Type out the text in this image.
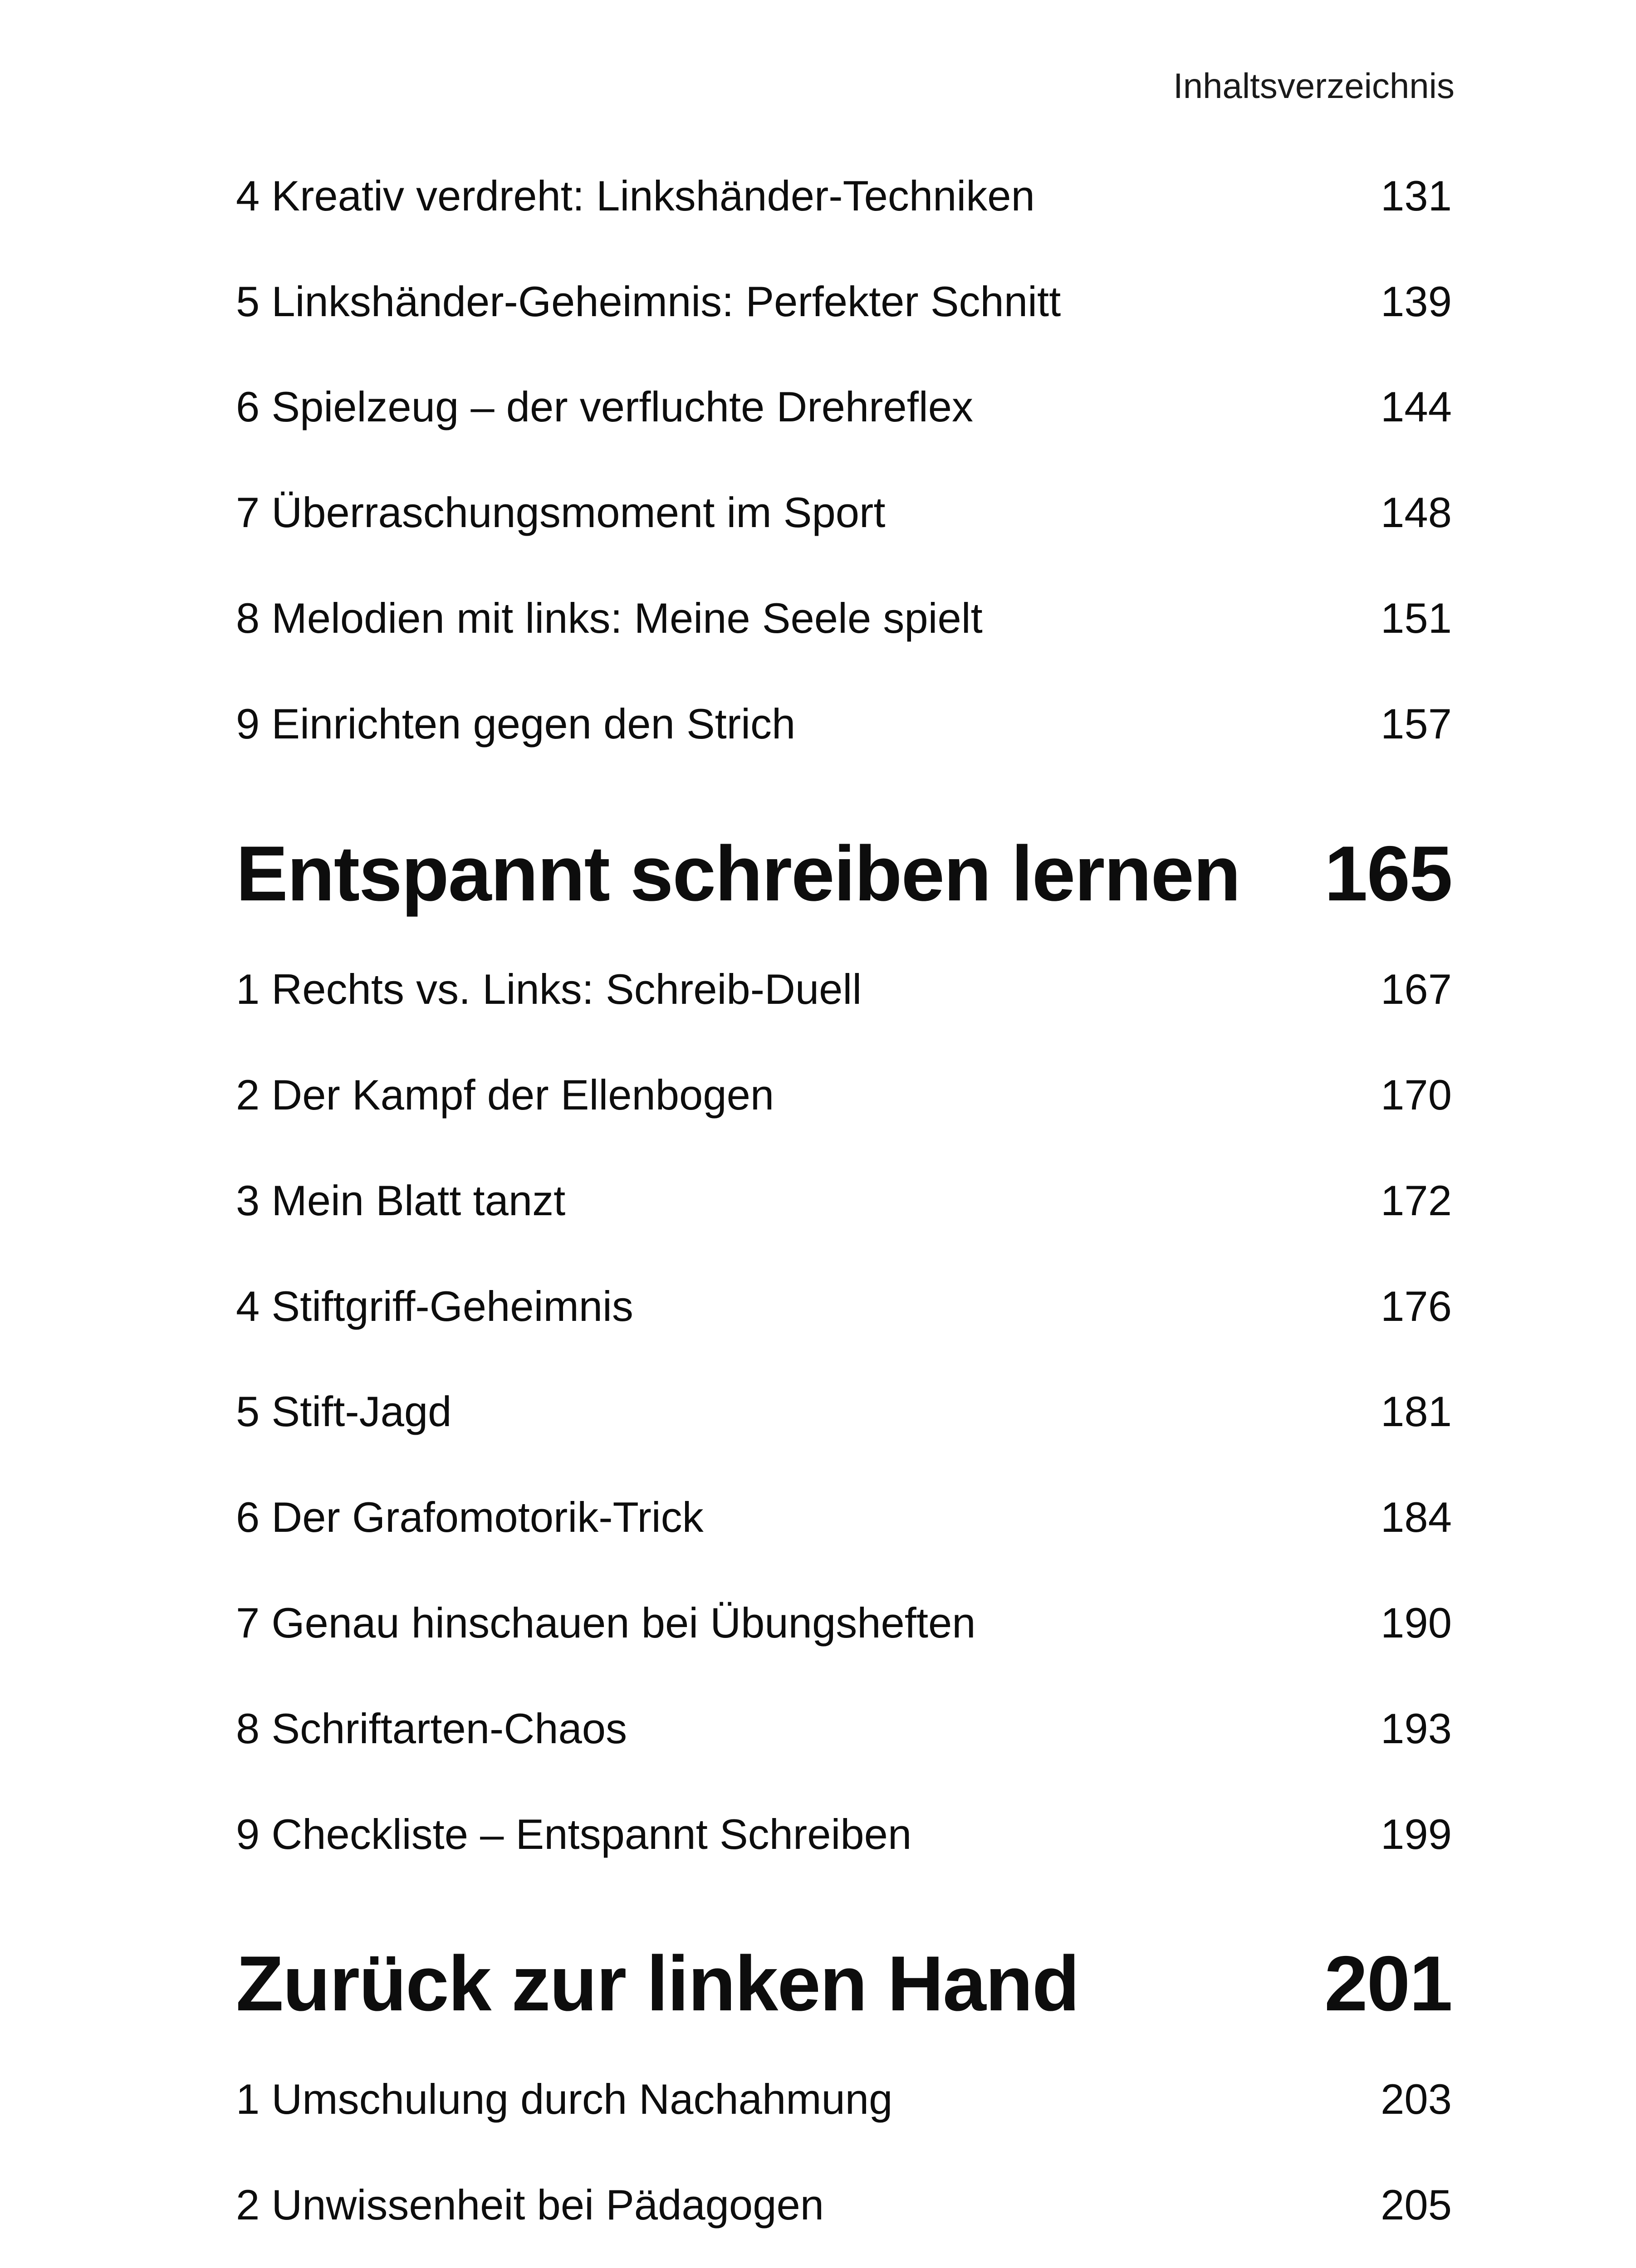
Inhaltsverzeichnis
4 Kreativ verdreht: Linkshänder-Techniken	131
5 Linkshänder-Geheimnis: Perfekter Schnitt	139
6 Spielzeug – der verfluchte Drehreflex	144
7 Überraschungsmoment im Sport	148
8 Melodien mit links: Meine Seele spielt	151
9 Einrichten gegen den Strich	157
Entspannt schreiben lernen 165
1 Rechts vs. Links: Schreib-Duell	167
2 Der Kampf der Ellenbogen	170
3 Mein Blatt tanzt	172
4 Stiftgriff-Geheimnis	176
5 Stift-Jagd	181
6 Der Grafomotorik-Trick	184
7 Genau hinschauen bei Übungsheften	190
8 Schriftarten-Chaos	193
9 Checkliste – Entspannt Schreiben	199
Zurück zur linken Hand	201
1 Umschulung durch Nachahmung	203
2 Unwissenheit bei Pädagogen	205
